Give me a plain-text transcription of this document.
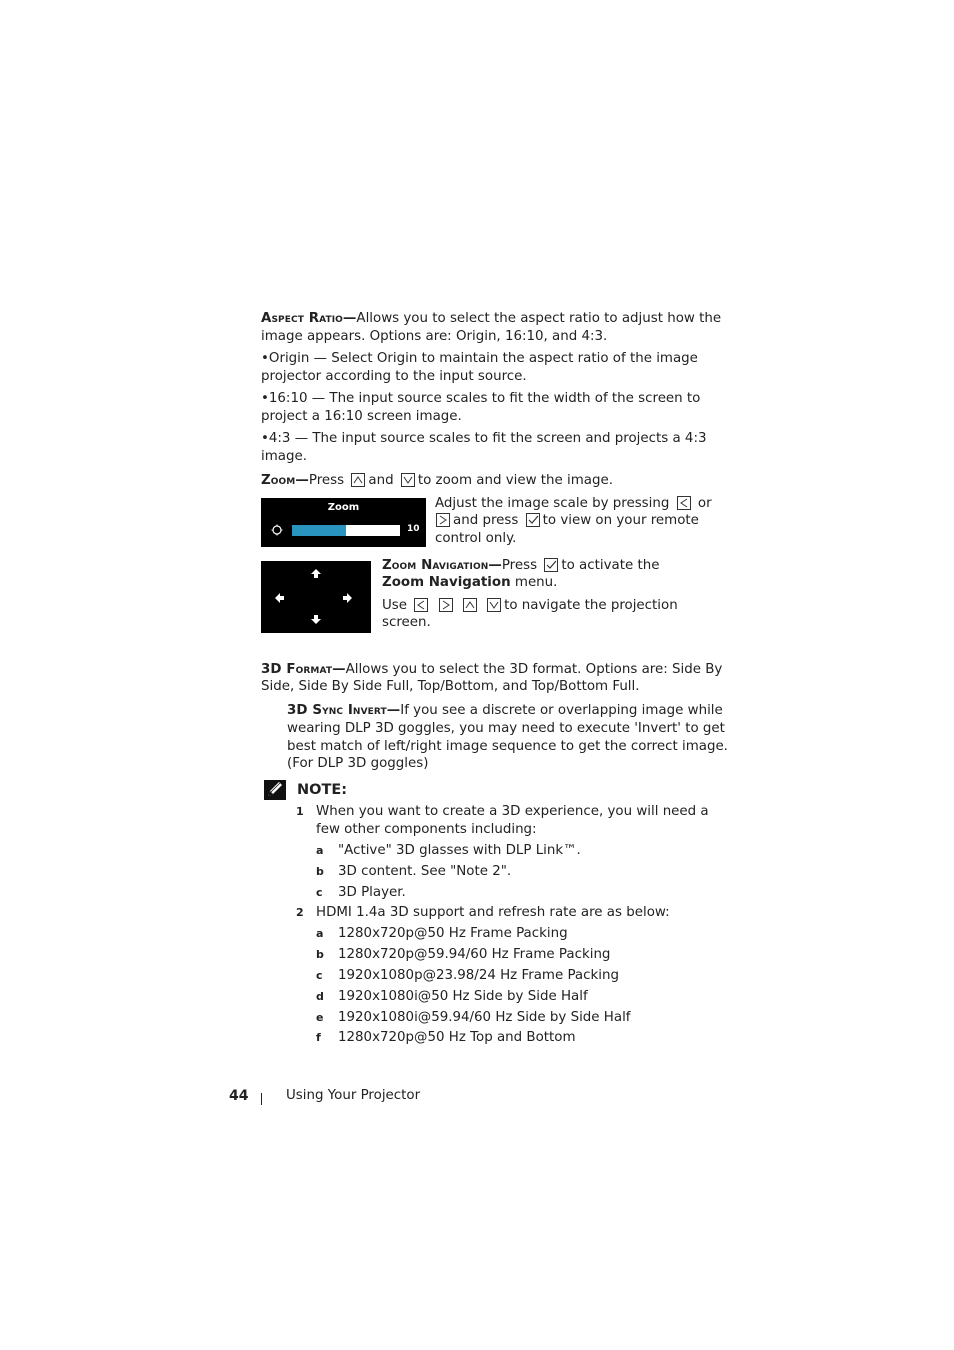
Aspect Ratio—Allows you to select the aspect ratio to adjust how the

image appears. Options are: Origin, 16:10, and 4:3.

•Origin — Select Origin to maintain the aspect ratio of the image

projector according to the input source.

•16:10 — The input source scales to fit the width of the screen to

project a 16:10 screen image.

•4:3 — The input source scales to fit the screen and projects a 4:3

image.

Zoom—Press and to zoom and view the image.

Zoom
10

Adjust the image scale by pressing or

and press to view on your remote

control only.

Zoom Navigation—Press to activate the

Zoom Navigation menu.

Use

	to navigate the projection

screen.

3D Format—Allows you to select the 3D format. Options are: Side By

Side, Side By Side Full, Top/Bottom, and Top/Bottom Full.

3D Sync Invert—If you see a discrete or overlapping image while

wearing DLP 3D goggles, you may need to execute 'Invert' to get

best match of left/right image sequence to get the correct image.

(For DLP 3D goggles)

NOTE:
1 When you want to create a 3D experience, you will need a

few other components including:

a "Active" 3D glasses with DLP Link™.

b 3D content. See "Note 2".

c 3D Player.

2 HDMI 1.4a 3D support and refresh rate are as below:

a 1280x720p@50 Hz Frame Packing

b 1280x720p@59.94/60 Hz Frame Packing

c 1920x1080p@23.98/24 Hz Frame Packing

d 1920x1080i@50 Hz Side by Side Half

e 1920x1080i@59.94/60 Hz Side by Side Half

f 1280x720p@50 Hz Top and Bottom

44	Using Your Projector
